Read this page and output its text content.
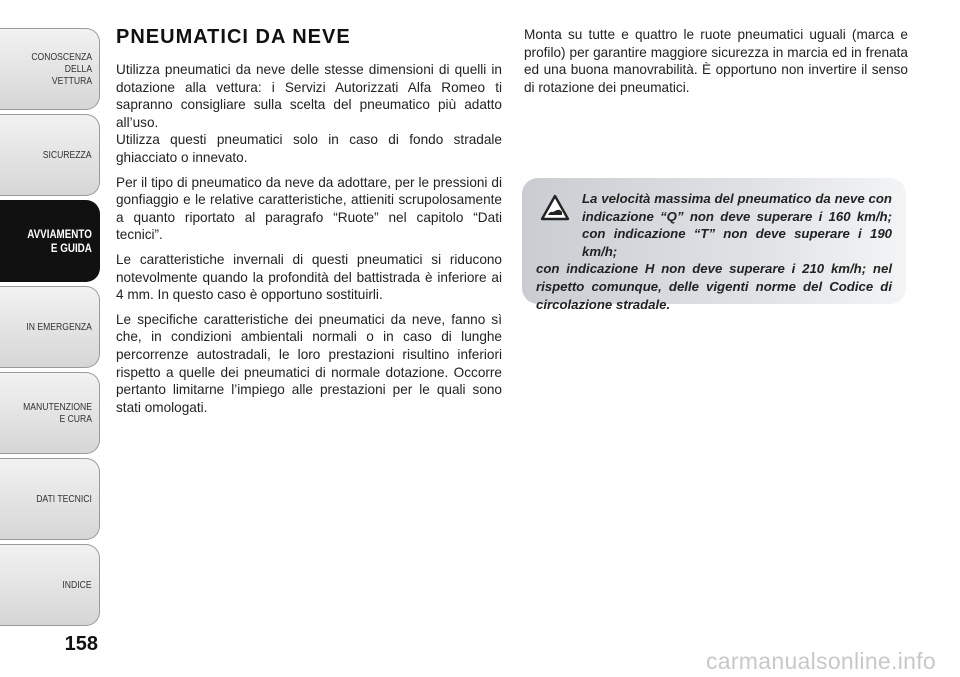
CONOSCENZA
DELLA
VETTURA
SICUREZZA
AVVIAMENTO
E GUIDA
IN EMERGENZA
MANUTENZIONE
E CURA
DATI TECNICI
INDICE
158
PNEUMATICI DA NEVE

Utilizza pneumatici da neve delle stesse dimensioni di quelli in dotazione alla vettura: i Servizi Autorizzati Alfa Romeo ti sapranno consigliare sulla scelta del pneumatico più adatto all’uso.

Utilizza questi pneumatici solo in caso di fondo stradale ghiacciato o innevato.

Per il tipo di pneumatico da neve da adottare, per le pressioni di gonfiaggio e le relative caratteristiche, attieniti scrupolosamente a quanto riportato al paragrafo “Ruote” nel capitolo “Dati tecnici”.

Le caratteristiche invernali di questi pneumatici si riducono notevolmente quando la profondità del battistrada è inferiore ai 4 mm. In questo caso è opportuno sostituirli.

Le specifiche caratteristiche dei pneumatici da neve, fanno sì che, in condizioni ambientali normali o in caso di lunghe percorrenze autostradali, le loro prestazioni risultino inferiori rispetto a quelle dei pneumatici di normale dotazione. Occorre pertanto limitarne l’impiego alle prestazioni per le quali sono stati omologati.

Monta su tutte e quattro le ruote pneumatici uguali (marca e profilo) per garantire maggiore sicurezza in marcia ed in frenata ed una buona manovrabilità. È opportuno non invertire il senso di rotazione dei pneumatici.

La velocità massima del pneumatico da neve con indicazione “Q” non deve superare i 160 km/h; con indicazione “T” non deve superare i 190 km/h;
con indicazione H non deve superare i 210 km/h; nel rispetto comunque, delle vigenti norme del Codice di circolazione stradale.

carmanualsonline.info
